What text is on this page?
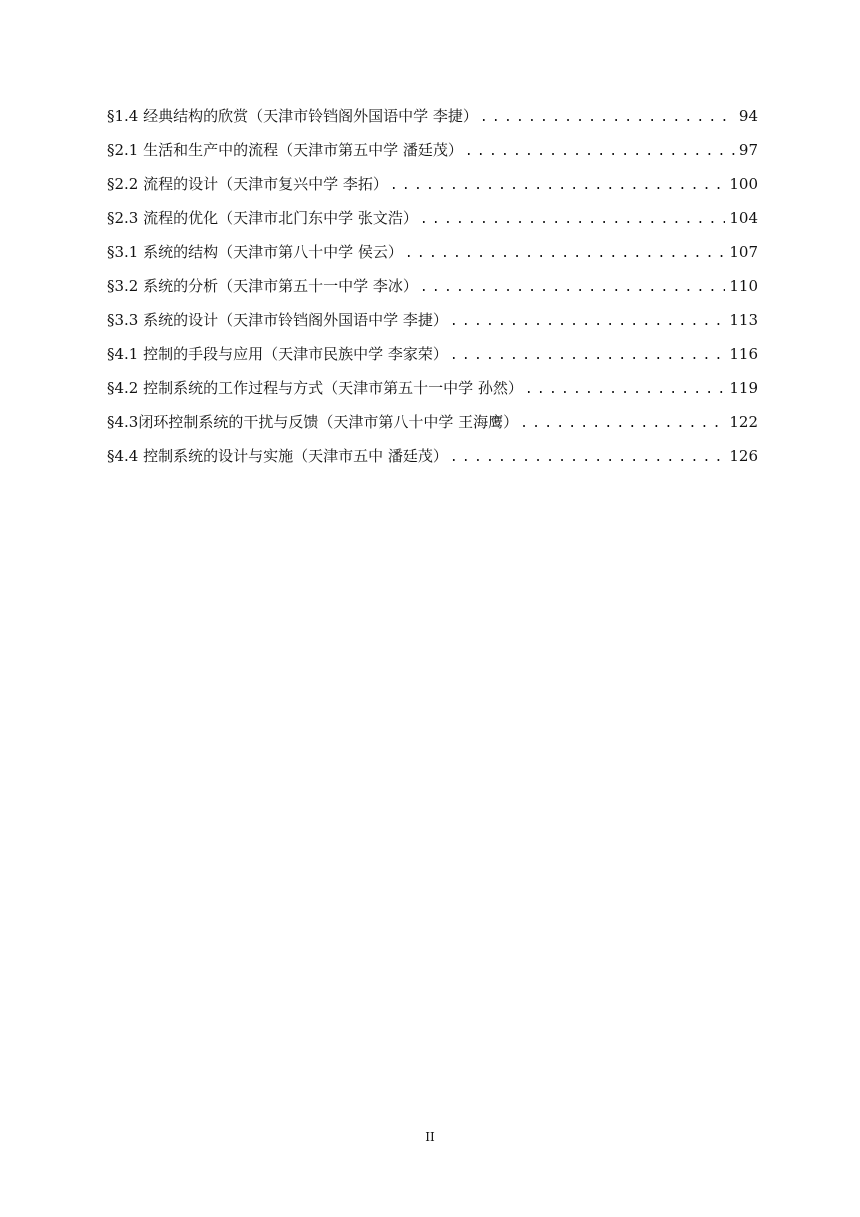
§1.4 经典结构的欣赏（天津市铃铛阁外国语中学 李捷） .....	94
§2.1 生活和生产中的流程（天津市第五中学 潘廷茂） .....	97
§2.2 流程的设计（天津市复兴中学 李拓） .....	100
§2.3 流程的优化（天津市北门东中学 张文浩） .....	104
§3.1 系统的结构（天津市第八十中学 侯云） .....	107
§3.2 系统的分析（天津市第五十一中学 李冰） .....	110
§3.3 系统的设计（天津市铃铛阁外国语中学 李捷） .....	113
§4.1 控制的手段与应用（天津市民族中学 李家荣） .....	116
§4.2 控制系统的工作过程与方式（天津市第五十一中学 孙然） .....	119
§4.3闭环控制系统的干扰与反馈（天津市第八十中学 王海鹰） .....	122
§4.4 控制系统的设计与实施（天津市五中 潘廷茂） .....	126
II
